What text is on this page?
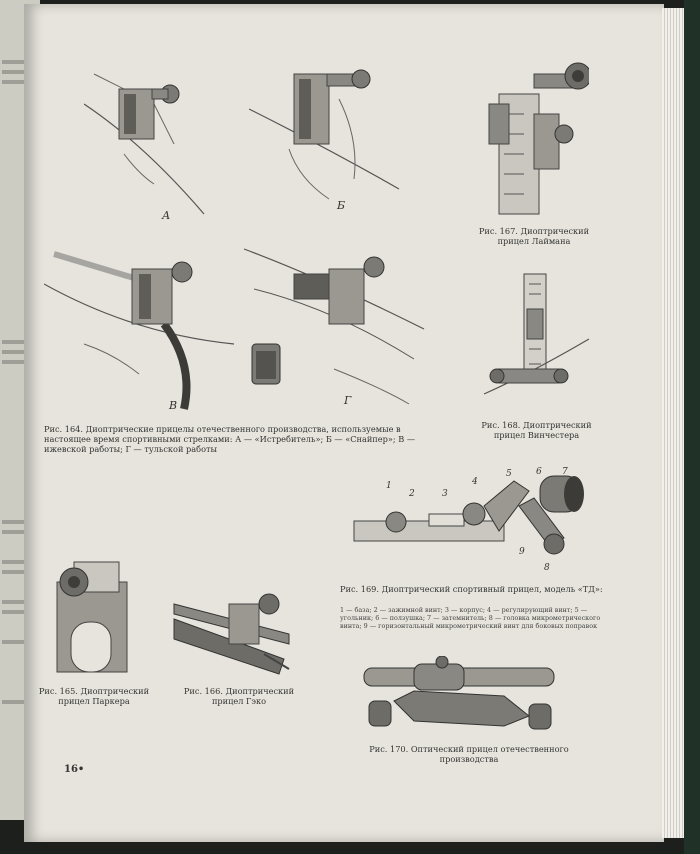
А
Б
В	Г
Рис. 164. Диоптрические прицелы отечественного производства, используемые в настоящее время спортивными стрелками: А — «Истребитель»; Б — «Снайпер»; В — ижевской работы; Г — тульской работы
Рис. 167. Диоптрический прицел Лаймана
Рис. 168. Диоптрический прицел Винчестера
1
2	3
4
5	6 7
8
9
Рис. 169. Диоптрический спортивный прицел, модель «ТД»:
1 — база; 2 — зажимной винт; 3 — корпус; 4 — регулирующий винт; 5 — угольник; 6 — ползушка; 7 — затемнитель; 8 — головка микрометрического винта; 9 — горизонтальный микрометрический винт для боковых поправок
Рис. 165. Диоптрический прицел Паркера
Рис. 166. Диоптрический прицел Гэко
Рис. 170. Оптический прицел отечественного производства
16•
